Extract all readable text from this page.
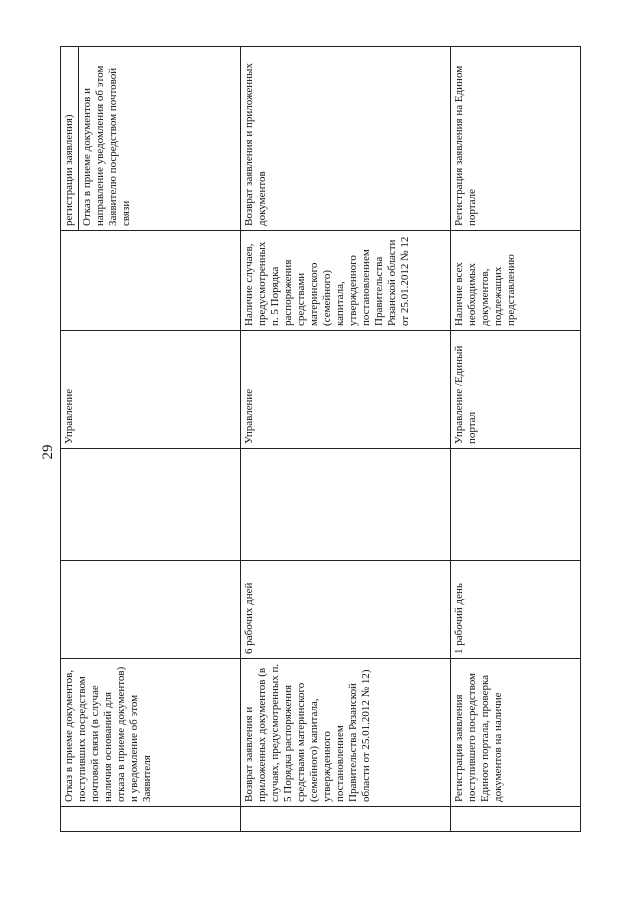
29

	Отказ в приеме документов, поступивших посредством почтовой связи (в случае наличия оснований для отказа в приеме документов) и уведомление об этом Заявителя			Управление		регистрации заявления) Отказ в приеме документов и направление уведомления об этом Заявителю посредством почтовой связи

	Возврат заявления и приложенных документов (в случаях, предусмотренных п. 5 Порядка распоряжения средствами материнского (семейного) капитала, утвержденного постановлением Правительства Рязанской области от 25.01.2012 № 12)	6 рабочих дней		Управление	Наличие случаев, предусмотренных п. 5 Порядка распоряжения средствами материнского (семейного) капитала, утвержденного постановлением Правительства Рязанской области от 25.01.2012 № 12	Возврат заявления и приложенных документов

	Регистрация заявления поступившего посредством Единого портала, проверка документов на наличие	1 рабочий день		Управление /Единый портал	Наличие всех необходимых документов, подлежащих представлению	Регистрация заявления на Едином портале
